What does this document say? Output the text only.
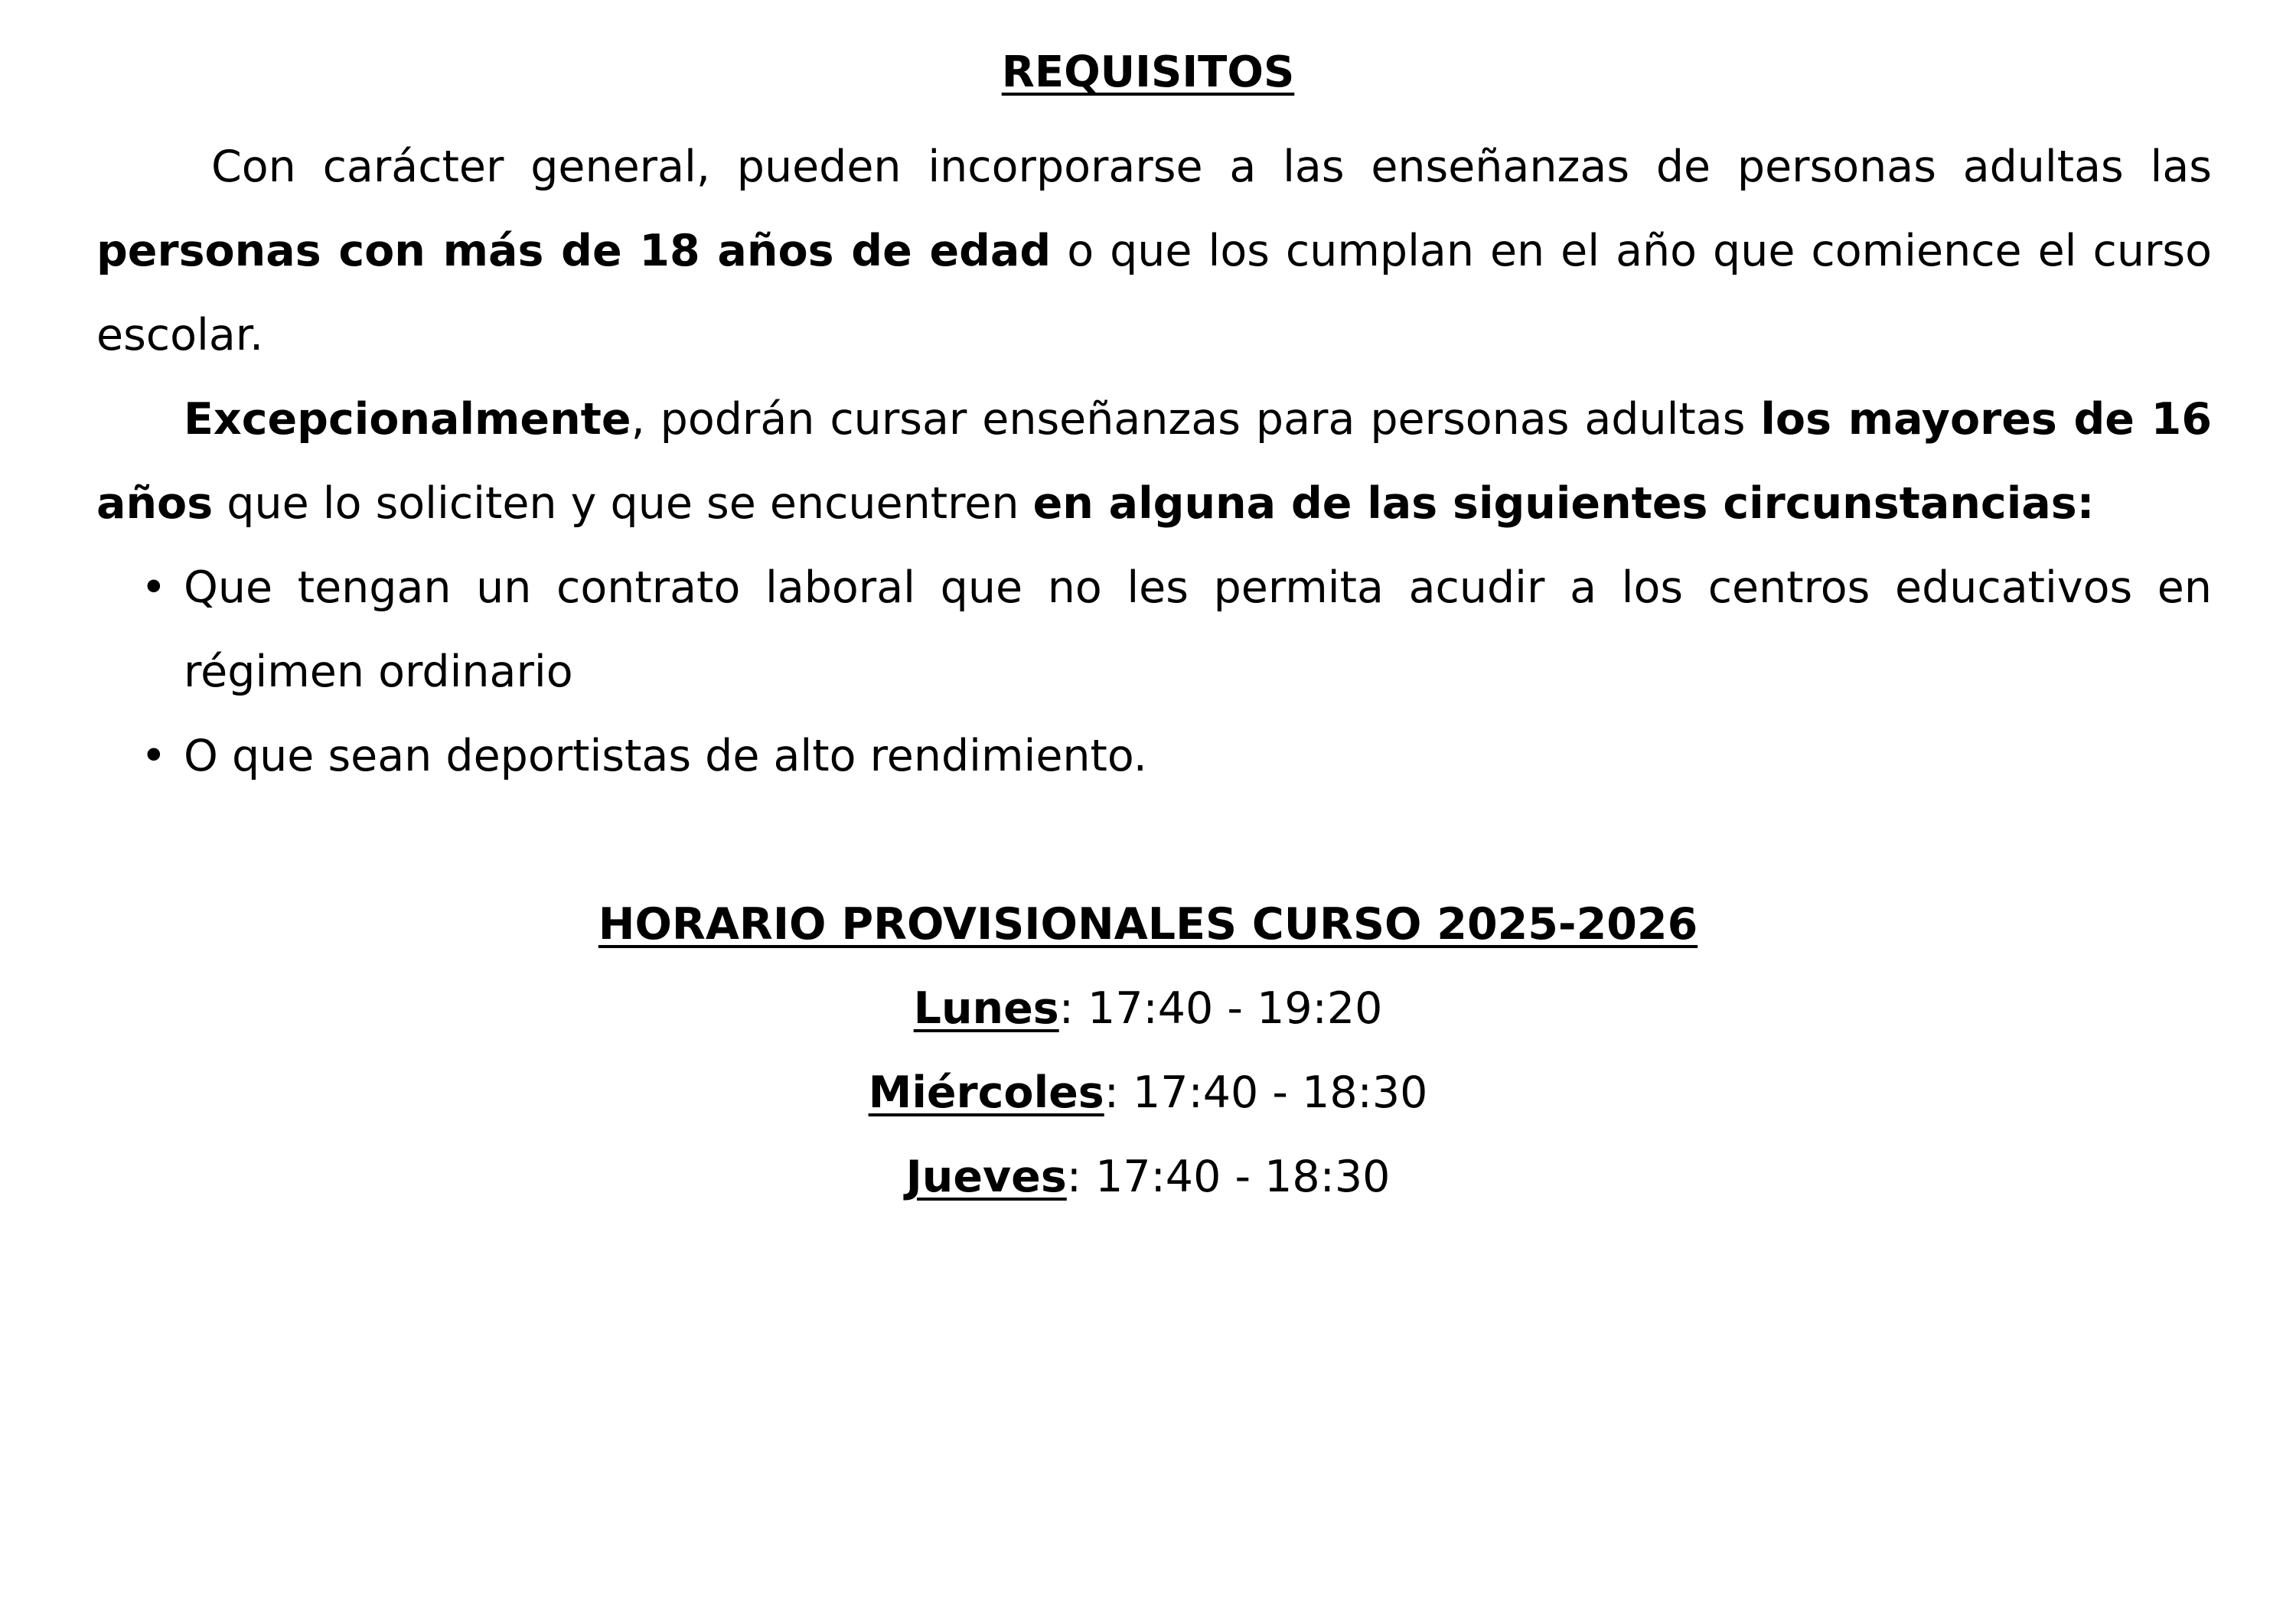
REQUISITOS

Con carácter general, pueden incorporarse a las enseñanzas de personas adultas las personas con más de 18 años de edad o que los cumplan en el año que comience el curso escolar.

Excepcionalmente, podrán cursar enseñanzas para personas adultas los mayores de 16 años que lo soliciten y que se encuentren en alguna de las siguientes circunstancias:

• Que tengan un contrato laboral que no les permita acudir a los centros educativos en régimen ordinario
• O que sean deportistas de alto rendimiento.
HORARIO PROVISIONALES CURSO 2025-2026
Lunes: 17:40 - 19:20
Miércoles: 17:40 - 18:30
Jueves: 17:40 - 18:30
